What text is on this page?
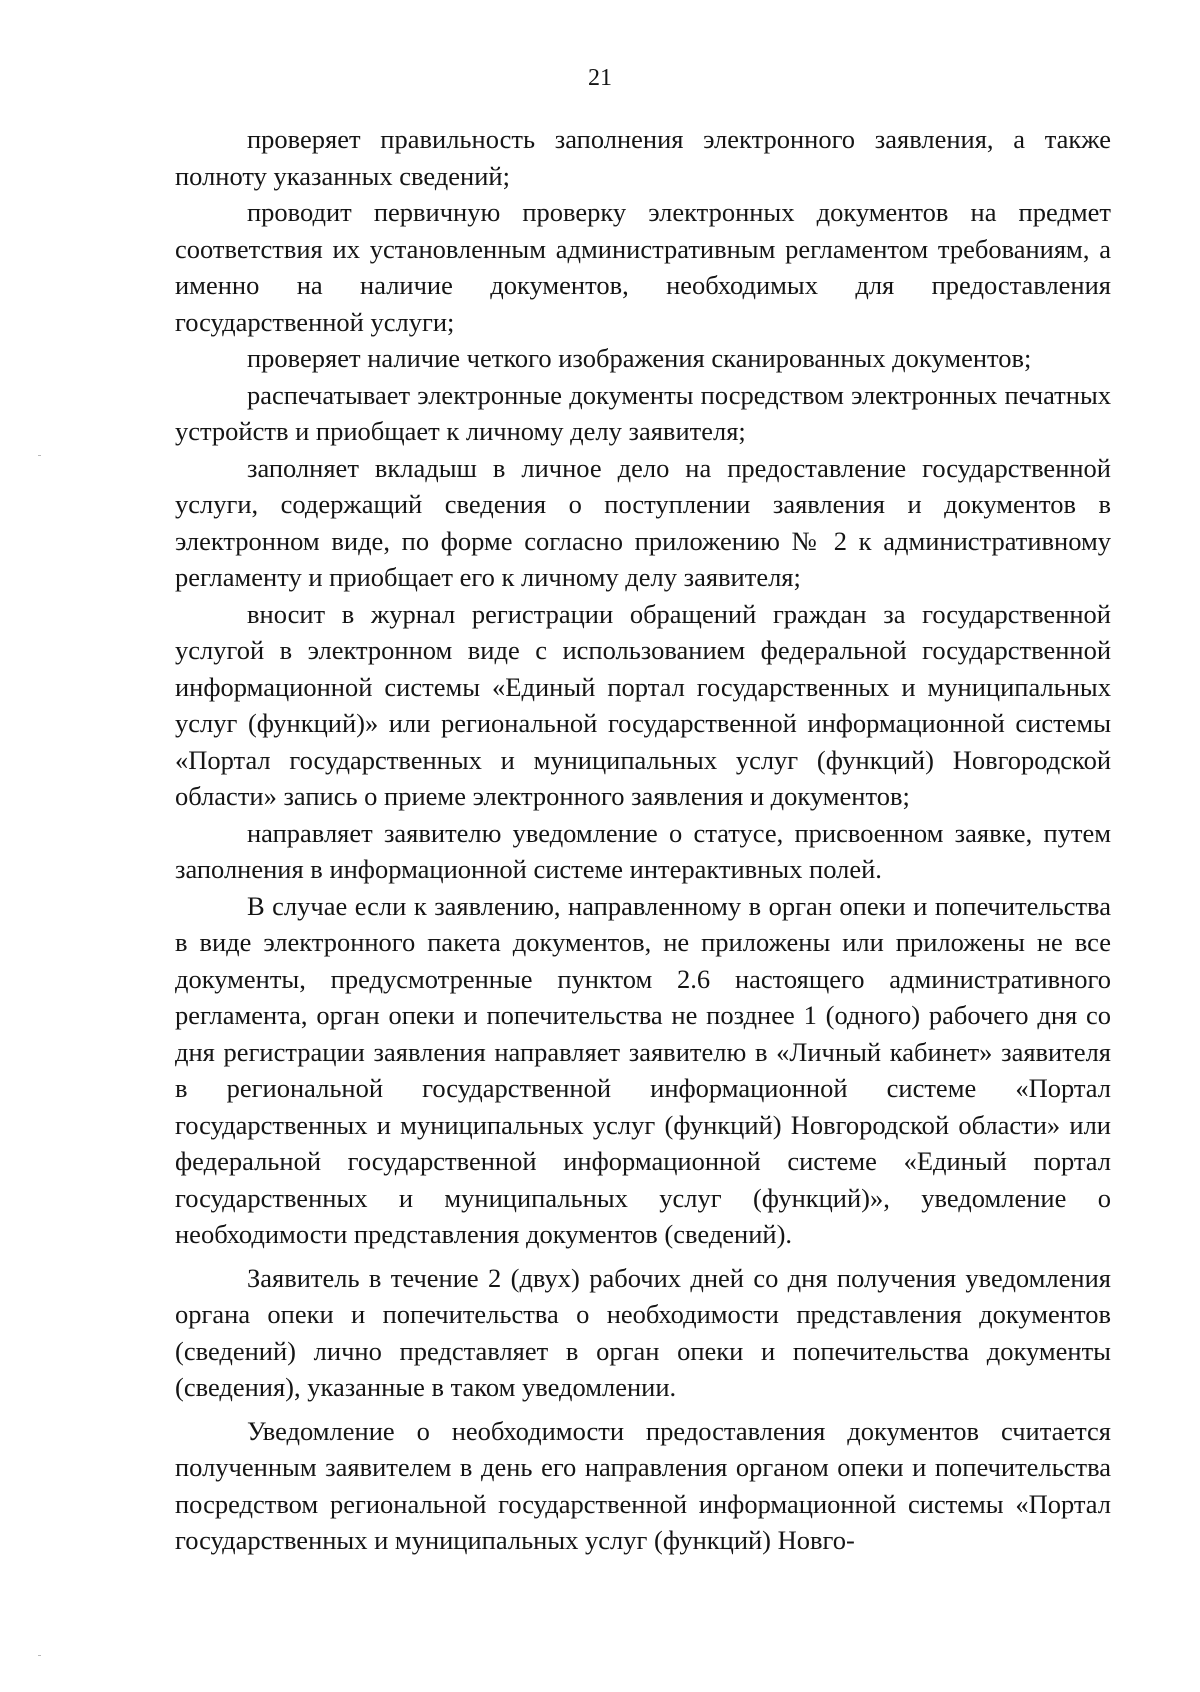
21

проверяет правильность заполнения электронного заявления, а также полноту указанных сведений;

проводит первичную проверку электронных документов на предмет соответствия их установленным административным регламентом требованиям, а именно на наличие документов, необходимых для предоставления государственной услуги;

проверяет наличие четкого изображения сканированных документов;

распечатывает электронные документы посредством электронных печатных устройств и приобщает к личному делу заявителя;

заполняет вкладыш в личное дело на предоставление государственной услуги, содержащий сведения о поступлении заявления и документов в электронном виде, по форме согласно приложению № 2 к административному регламенту и приобщает его к личному делу заявителя;

вносит в журнал регистрации обращений граждан за государственной услугой в электронном виде с использованием федеральной государственной информационной системы «Единый портал государственных и муниципальных услуг (функций)» или региональной государственной информационной системы «Портал государственных и муниципальных услуг (функций) Новгородской области» запись о приеме электронного заявления и документов;

направляет заявителю уведомление о статусе, присвоенном заявке, путем заполнения в информационной системе интерактивных полей.

В случае если к заявлению, направленному в орган опеки и попечительства в виде электронного пакета документов, не приложены или приложены не все документы, предусмотренные пунктом 2.6 настоящего административного регламента, орган опеки и попечительства не позднее 1 (одного) рабочего дня со дня регистрации заявления направляет заявителю в «Личный кабинет» заявителя в региональной государственной информационной системе «Портал государственных и муниципальных услуг (функций) Новгородской области» или федеральной государственной информационной системе «Единый портал государственных и муниципальных услуг (функций)», уведомление о необходимости представления документов (сведений).

Заявитель в течение 2 (двух) рабочих дней со дня получения уведомления органа опеки и попечительства о необходимости представления документов (сведений) лично представляет в орган опеки и попечительства документы (сведения), указанные в таком уведомлении.

Уведомление о необходимости предоставления документов считается полученным заявителем в день его направления органом опеки и попечительства посредством региональной государственной информационной системы «Портал государственных и муниципальных услуг (функций) Новго-
